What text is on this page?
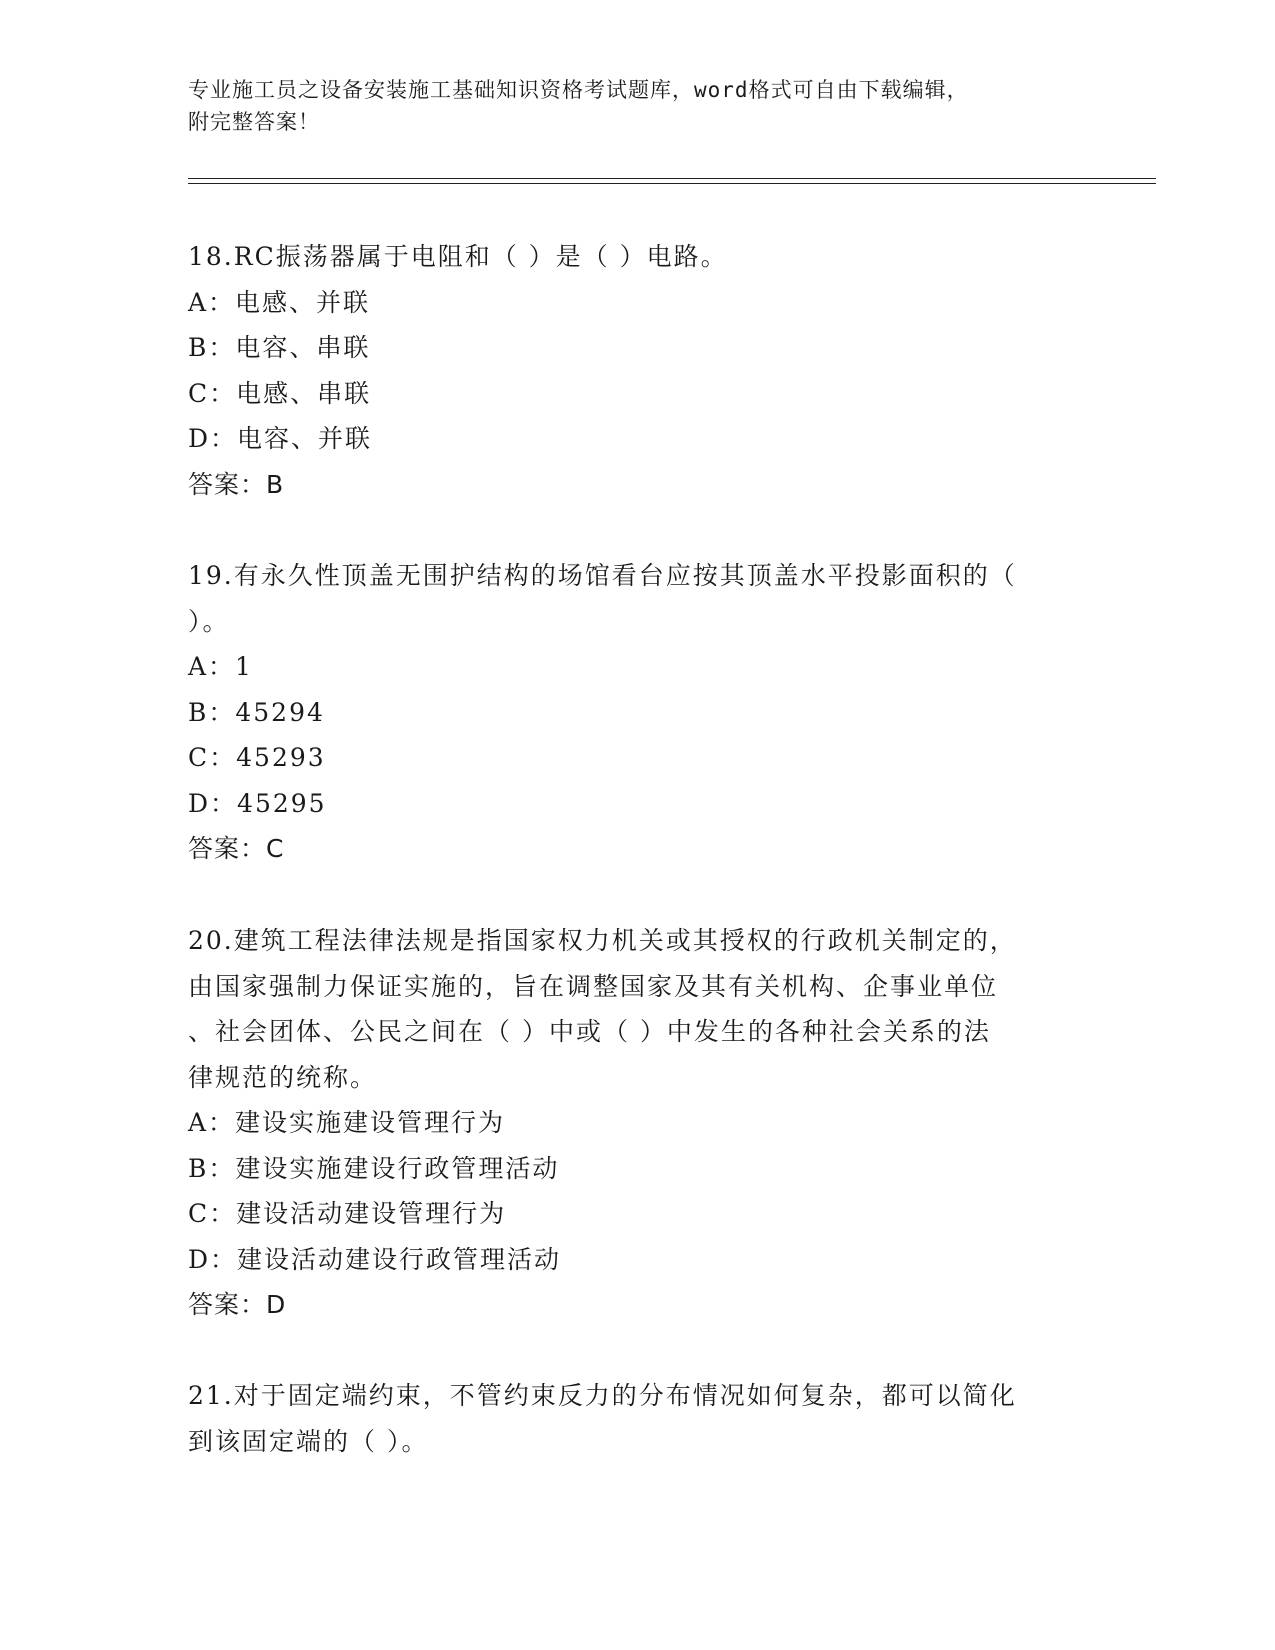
专业施工员之设备安装施工基础知识资格考试题库，word格式可自由下载编辑，
附完整答案！
18.RC振荡器属于电阻和（ ）是（ ）电路。
A：电感、并联
B：电容、串联
C：电感、串联
D：电容、并联
答案：B
19.有永久性顶盖无围护结构的场馆看台应按其顶盖水平投影面积的（
）。
A：1
B：45294
C：45293
D：45295
答案：C
20.建筑工程法律法规是指国家权力机关或其授权的行政机关制定的，
由国家强制力保证实施的，旨在调整国家及其有关机构、企事业单位
、社会团体、公民之间在（ ）中或（ ）中发生的各种社会关系的法
律规范的统称。
A：建设实施建设管理行为
B：建设实施建设行政管理活动
C：建设活动建设管理行为
D：建设活动建设行政管理活动
答案：D
21.对于固定端约束，不管约束反力的分布情况如何复杂，都可以简化
到该固定端的（ ）。
